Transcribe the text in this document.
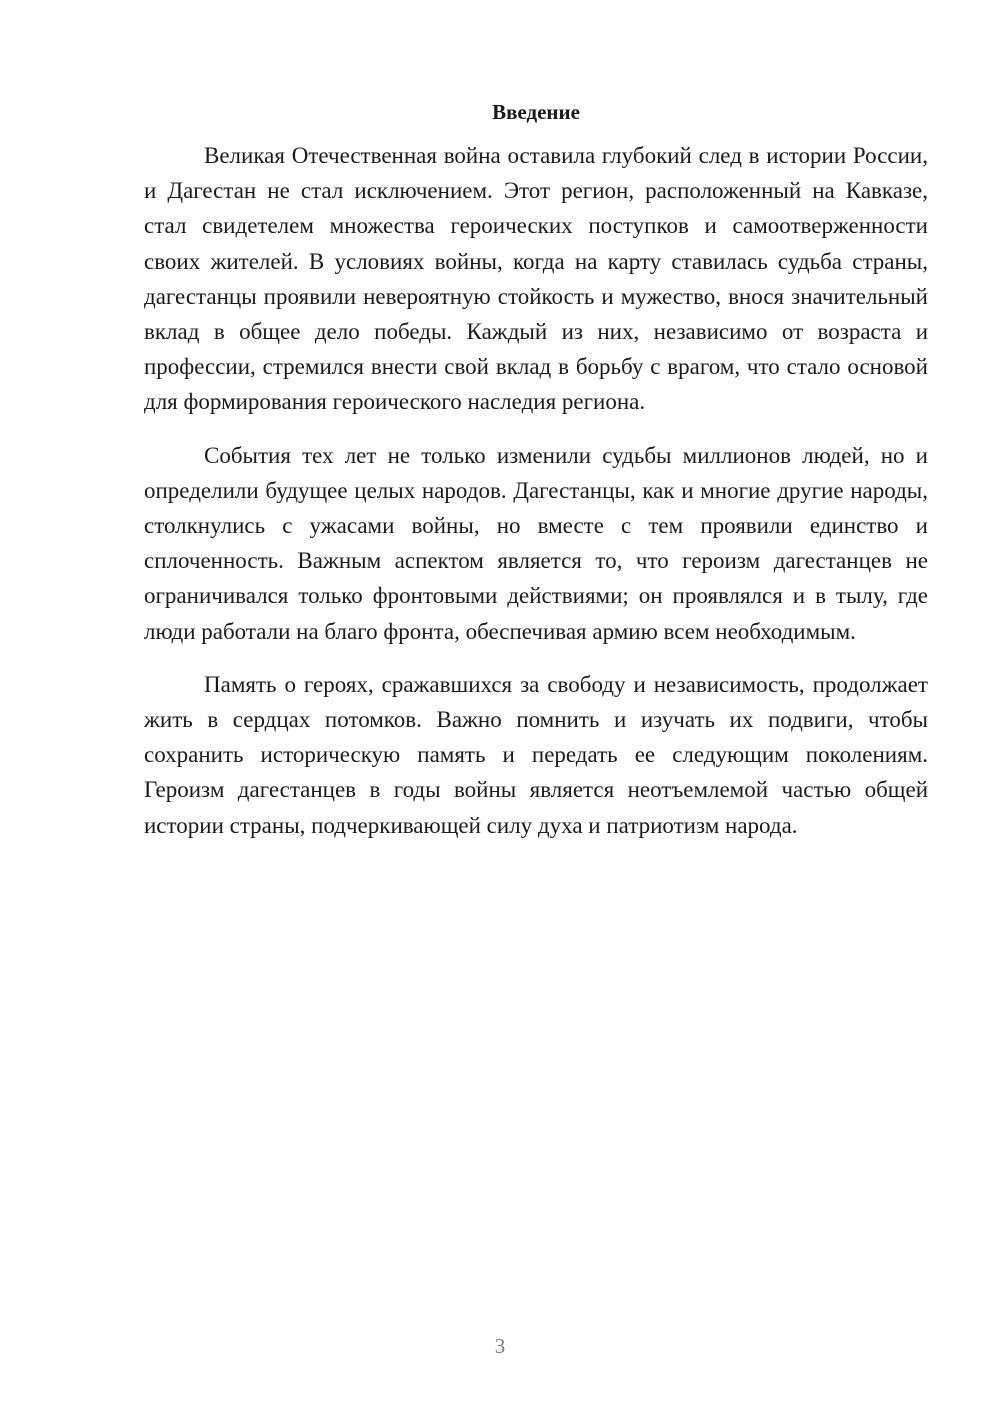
Введение

Великая Отечественная война оставила глубокий след в истории России, и Дагестан не стал исключением. Этот регион, расположенный на Кавказе, стал свидетелем множества героических поступков и самоотверженности своих жителей. В условиях войны, когда на карту ставилась судьба страны, дагестанцы проявили невероятную стойкость и мужество, внося значительный вклад в общее дело победы. Каждый из них, независимо от возраста и профессии, стремился внести свой вклад в борьбу с врагом, что стало основой для формирования героического наследия региона.

События тех лет не только изменили судьбы миллионов людей, но и определили будущее целых народов. Дагестанцы, как и многие другие народы, столкнулись с ужасами войны, но вместе с тем проявили единство и сплоченность. Важным аспектом является то, что героизм дагестанцев не ограничивался только фронтовыми действиями; он проявлялся и в тылу, где люди работали на благо фронта, обеспечивая армию всем необходимым.

Память о героях, сражавшихся за свободу и независимость, продолжает жить в сердцах потомков. Важно помнить и изучать их подвиги, чтобы сохранить историческую память и передать ее следующим поколениям. Героизм дагестанцев в годы войны является неотъемлемой частью общей истории страны, подчеркивающей силу духа и патриотизм народа.

3
